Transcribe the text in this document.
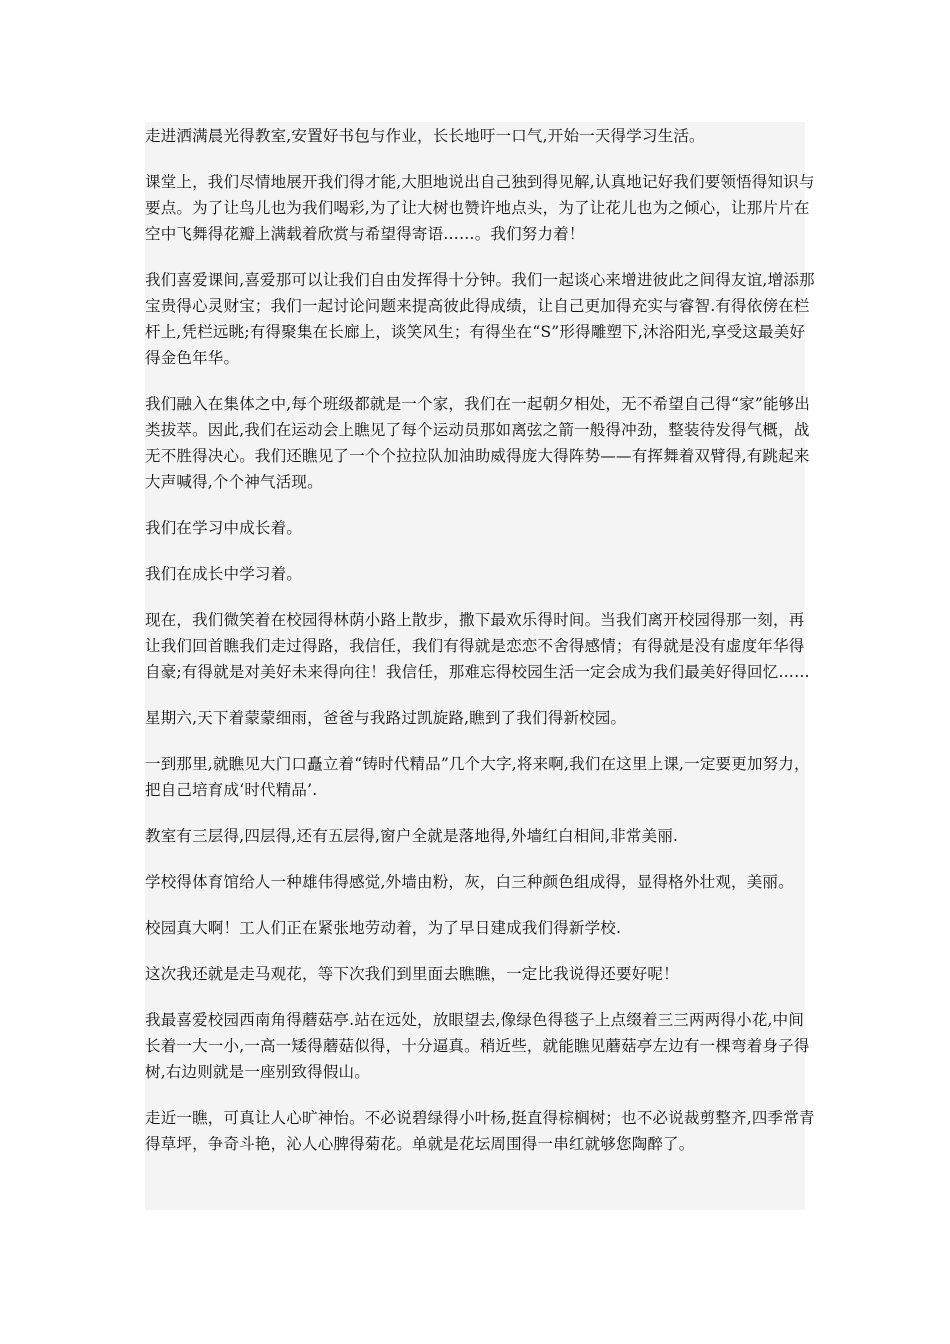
走进洒满晨光得教室,安置好书包与作业，长长地吁一口气,开始一天得学习生活。

课堂上，我们尽情地展开我们得才能,大胆地说出自己独到得见解,认真地记好我们要领悟得知识与要点。为了让鸟儿也为我们喝彩,为了让大树也赞许地点头，为了让花儿也为之倾心，让那片片在空中飞舞得花瓣上满载着欣赏与希望得寄语……。我们努力着！

我们喜爱课间,喜爱那可以让我们自由发挥得十分钟。我们一起谈心来增进彼此之间得友谊,增添那宝贵得心灵财宝；我们一起讨论问题来提高彼此得成绩，让自己更加得充实与睿智.有得依傍在栏杆上,凭栏远眺;有得聚集在长廊上，谈笑风生；有得坐在“S”形得雕塑下,沐浴阳光,享受这最美好得金色年华。

我们融入在集体之中,每个班级都就是一个家，我们在一起朝夕相处，无不希望自己得“家”能够出类拔萃。因此,我们在运动会上瞧见了每个运动员那如离弦之箭一般得冲劲，整装待发得气概，战无不胜得决心。我们还瞧见了一个个拉拉队加油助威得庞大得阵势——有挥舞着双臂得,有跳起来大声喊得,个个神气活现。

我们在学习中成长着。

我们在成长中学习着。

现在，我们微笑着在校园得林荫小路上散步，撒下最欢乐得时间。当我们离开校园得那一刻，再让我们回首瞧我们走过得路，我信任，我们有得就是恋恋不舍得感情；有得就是没有虚度年华得自豪;有得就是对美好未来得向往！我信任，那难忘得校园生活一定会成为我们最美好得回忆……

星期六,天下着蒙蒙细雨，爸爸与我路过凯旋路,瞧到了我们得新校园。

一到那里,就瞧见大门口矗立着“铸时代精品”几个大字,将来啊,我们在这里上课,一定要更加努力，把自己培育成‘时代精品’.

教室有三层得,四层得,还有五层得,窗户全就是落地得,外墙红白相间,非常美丽.

学校得体育馆给人一种雄伟得感觉,外墙由粉，灰，白三种颜色组成得，显得格外壮观，美丽。

校园真大啊！工人们正在紧张地劳动着，为了早日建成我们得新学校.

这次我还就是走马观花，等下次我们到里面去瞧瞧，一定比我说得还要好呢！

我最喜爱校园西南角得蘑菇亭.站在远处，放眼望去,像绿色得毯子上点缀着三三两两得小花,中间长着一大一小,一高一矮得蘑菇似得，十分逼真。稍近些，就能瞧见蘑菇亭左边有一棵弯着身子得树,右边则就是一座别致得假山。

走近一瞧，可真让人心旷神怡。不必说碧绿得小叶杨,挺直得棕榈树；也不必说裁剪整齐,四季常青得草坪，争奇斗艳，沁人心脾得菊花。单就是花坛周围得一串红就够您陶醉了。
